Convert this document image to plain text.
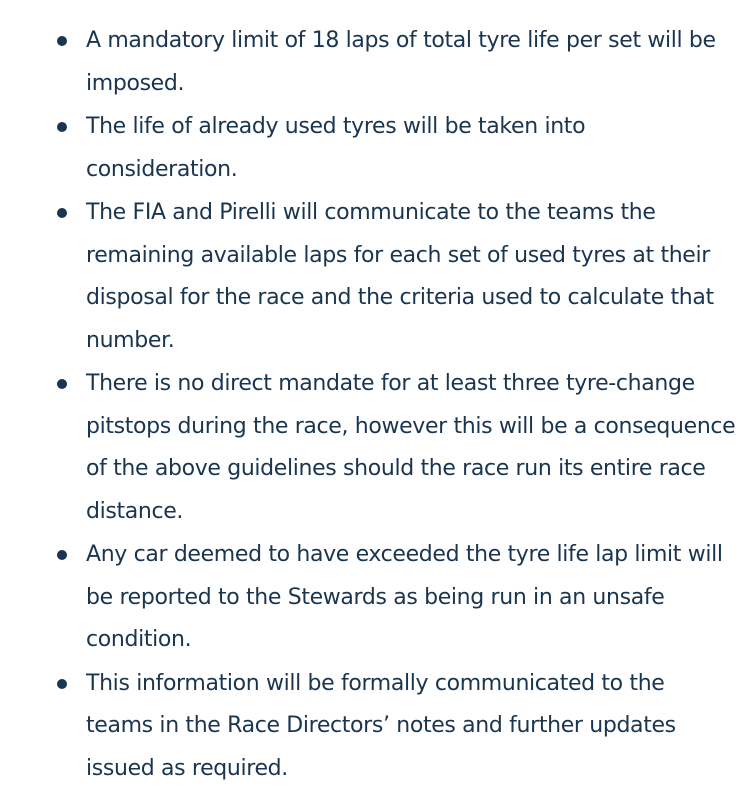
A mandatory limit of 18 laps of total tyre life per set will be imposed.
The life of already used tyres will be taken into consideration.
The FIA and Pirelli will communicate to the teams the remaining available laps for each set of used tyres at their disposal for the race and the criteria used to calculate that number.
There is no direct mandate for at least three tyre-change pitstops during the race, however this will be a consequence of the above guidelines should the race run its entire race distance.
Any car deemed to have exceeded the tyre life lap limit will be reported to the Stewards as being run in an unsafe condition.
This information will be formally communicated to the teams in the Race Directors’ notes and further updates issued as required.
